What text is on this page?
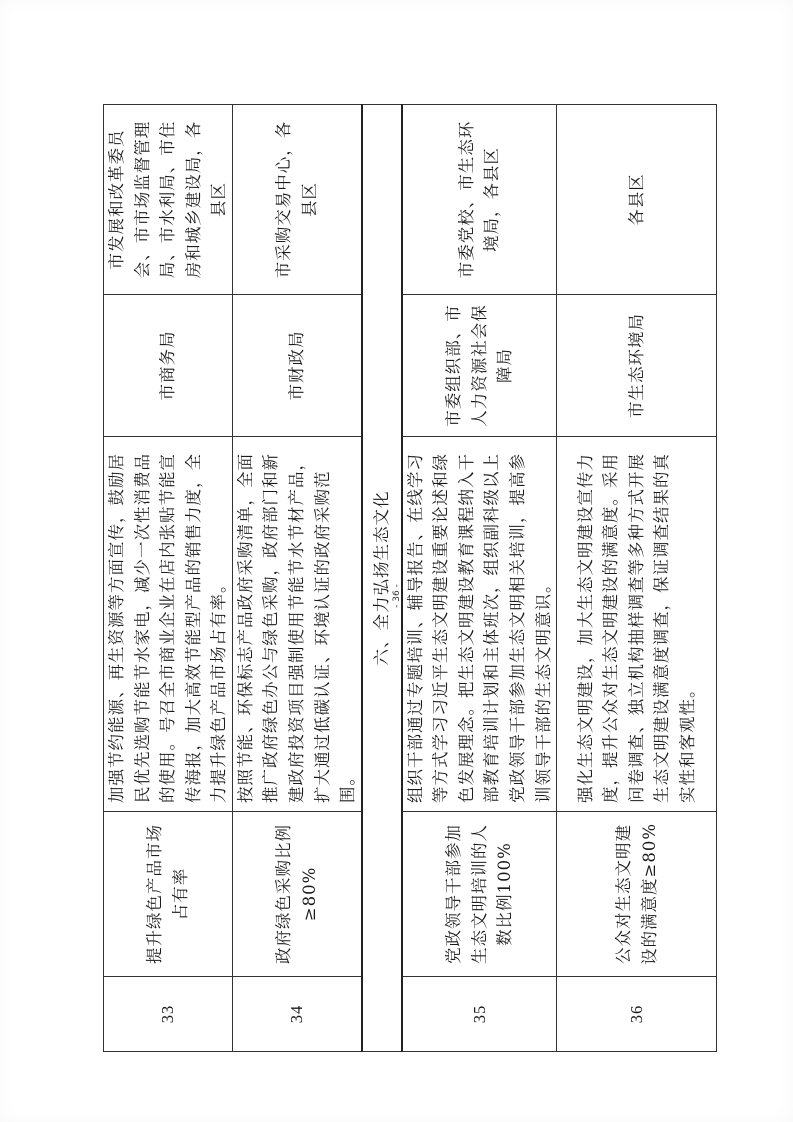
33	提升绿色产品市场占有率	加强节约能源、再生资源等方面宣传，鼓励居民优先选购节能节水家电，减少一次性消费品的使用。号召全市商业企业在店内张贴节能宣传海报，加大高效节能型产品的销售力度，全力提升绿色产品市场占有率。	市商务局	市发展和改革委员会、市市场监督管理局、市水利局、市住房和城乡建设局，各县区
34	政府绿色采购比例≥80%	按照节能、环保标志产品政府采购清单，全面推广政府绿色办公与绿色采购，政府部门和新建政府投资项目强制使用节能节水节材产品，扩大通过低碳认证、环境认证的政府采购范围。	市财政局	市采购交易中心，各县区
六、全力弘扬生态文化				
35	党政领导干部参加生态文明培训的人数比例100%	组织干部通过专题培训、辅导报告、在线学习等方式学习习近平生态文明建设重要论述和绿色发展理念。把生态文明建设教育课程纳入干部教育培训计划和主体班次，组织副科级以上党政领导干部参加生态文明相关培训，提高参训领导干部的生态文明意识。	市委组织部、市人力资源社会保障局	市委党校、市生态环境局，各县区
36	公众对生态文明建设的满意度≥80%	强化生态文明建设，加大生态文明建设宣传力度，提升公众对生态文明建设的满意度。采用问卷调查、独立机构抽样调查等多种方式开展生态文明建设满意度调查，保证调查结果的真实性和客观性。	市生态环境局	各县区
- 36 -
